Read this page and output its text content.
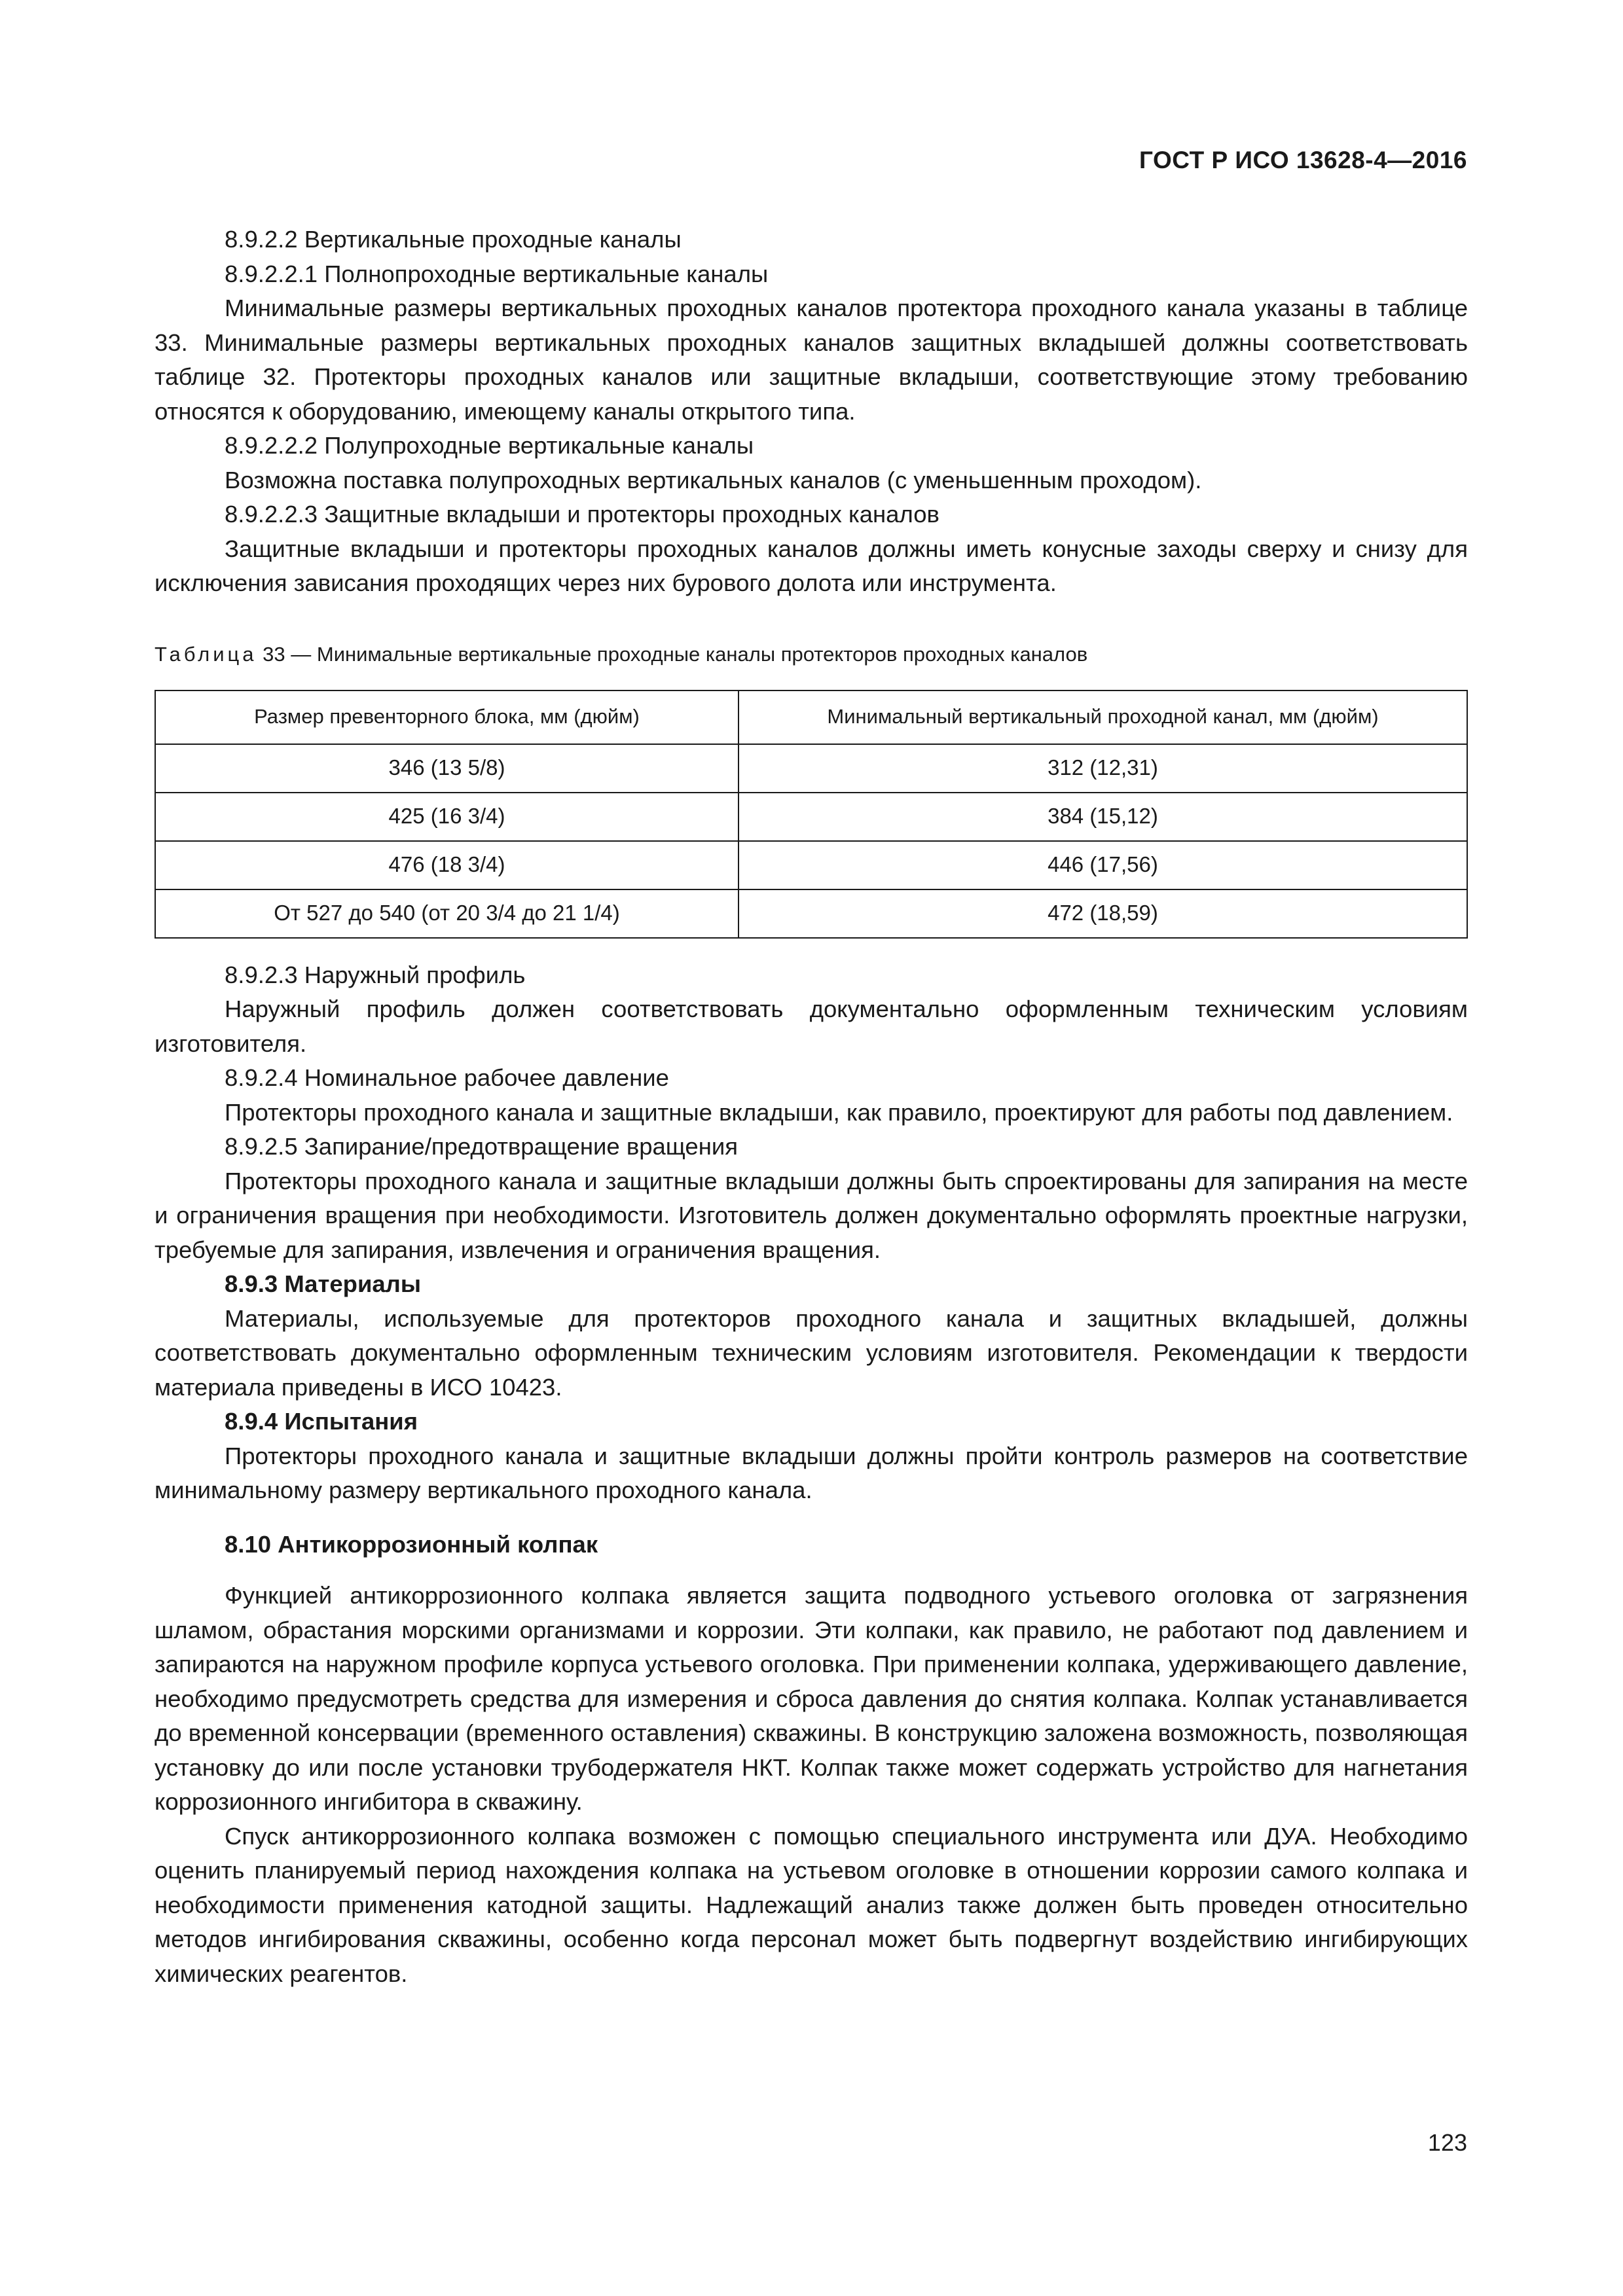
ГОСТ Р ИСО 13628-4—2016

8.9.2.2 Вертикальные проходные каналы

8.9.2.2.1 Полнопроходные вертикальные каналы

Минимальные размеры вертикальных проходных каналов протектора проходного канала указаны в таблице 33. Минимальные размеры вертикальных проходных каналов защитных вкладышей должны соответствовать таблице 32. Протекторы проходных каналов или защитные вкладыши, соответствующие этому требованию относятся к оборудованию, имеющему каналы открытого типа.

8.9.2.2.2 Полупроходные вертикальные каналы

Возможна поставка полупроходных вертикальных каналов (с уменьшенным проходом).

8.9.2.2.3 Защитные вкладыши и протекторы проходных каналов

Защитные вкладыши и протекторы проходных каналов должны иметь конусные заходы сверху и снизу для исключения зависания проходящих через них бурового долота или инструмента.

Таблица 33 — Минимальные вертикальные проходные каналы протекторов проходных каналов
Размер превенторного блока, мм (дюйм)	Минимальный вертикальный проходной канал, мм (дюйм)
346 (13 5/8)	312 (12,31)
425 (16 3/4)	384 (15,12)
476 (18 3/4)	446 (17,56)
От 527 до 540 (от 20 3/4 до 21 1/4)	472 (18,59)

8.9.2.3 Наружный профиль

Наружный профиль должен соответствовать документально оформленным техническим условиям изготовителя.

8.9.2.4 Номинальное рабочее давление

Протекторы проходного канала и защитные вкладыши, как правило, проектируют для работы под давлением.

8.9.2.5 Запирание/предотвращение вращения

Протекторы проходного канала и защитные вкладыши должны быть спроектированы для запирания на месте и ограничения вращения при необходимости. Изготовитель должен документально оформлять проектные нагрузки, требуемые для запирания, извлечения и ограничения вращения.

8.9.3 Материалы

Материалы, используемые для протекторов проходного канала и защитных вкладышей, должны соответствовать документально оформленным техническим условиям изготовителя. Рекомендации к твердости материала приведены в ИСО 10423.

8.9.4 Испытания

Протекторы проходного канала и защитные вкладыши должны пройти контроль размеров на соответствие минимальному размеру вертикального проходного канала.

8.10 Антикоррозионный колпак

Функцией антикоррозионного колпака является защита подводного устьевого оголовка от загрязнения шламом, обрастания морскими организмами и коррозии. Эти колпаки, как правило, не работают под давлением и запираются на наружном профиле корпуса устьевого оголовка. При применении колпака, удерживающего давление, необходимо предусмотреть средства для измерения и сброса давления до снятия колпака. Колпак устанавливается до временной консервации (временного оставления) скважины. В конструкцию заложена возможность, позволяющая установку до или после установки трубодержателя НКТ. Колпак также может содержать устройство для нагнетания коррозионного ингибитора в скважину.

Спуск антикоррозионного колпака возможен с помощью специального инструмента или ДУА. Необходимо оценить планируемый период нахождения колпака на устьевом оголовке в отношении коррозии самого колпака и необходимости применения катодной защиты. Надлежащий анализ также должен быть проведен относительно методов ингибирования скважины, особенно когда персонал может быть подвергнут воздействию ингибирующих химических реагентов.

123
